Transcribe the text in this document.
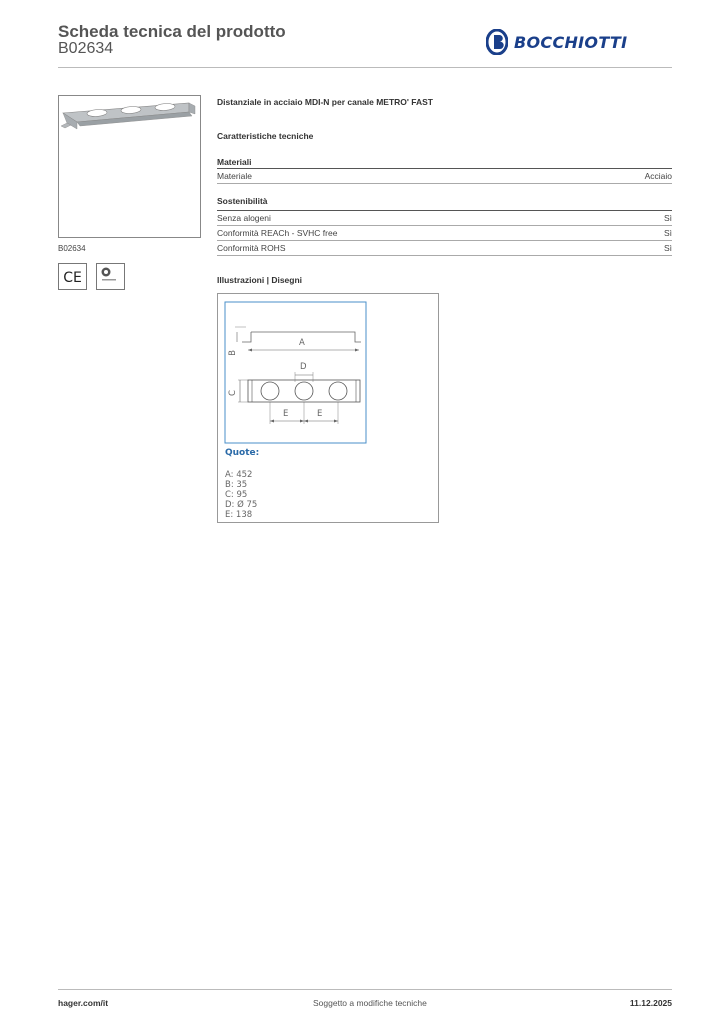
Scheda tecnica del prodotto
B02634	BOCCHIOTTI
B02634
CE
Distanziale in acciaio MDI-N per canale METRO' FAST
Caratteristiche tecniche
Materiali
Materiale	Acciaio
Sostenibilità
Senza alogeni	Sì
Conformità REACh - SVHC free	Sì
Conformità ROHS	Sì
Illustrazioni | Disegni
A
B
C
D
E	E
Quote:
A: 452
B: 35
C: 95
D: Ø 75
E: 138
hager.com/it	Soggetto a modifiche tecniche	11.12.2025
